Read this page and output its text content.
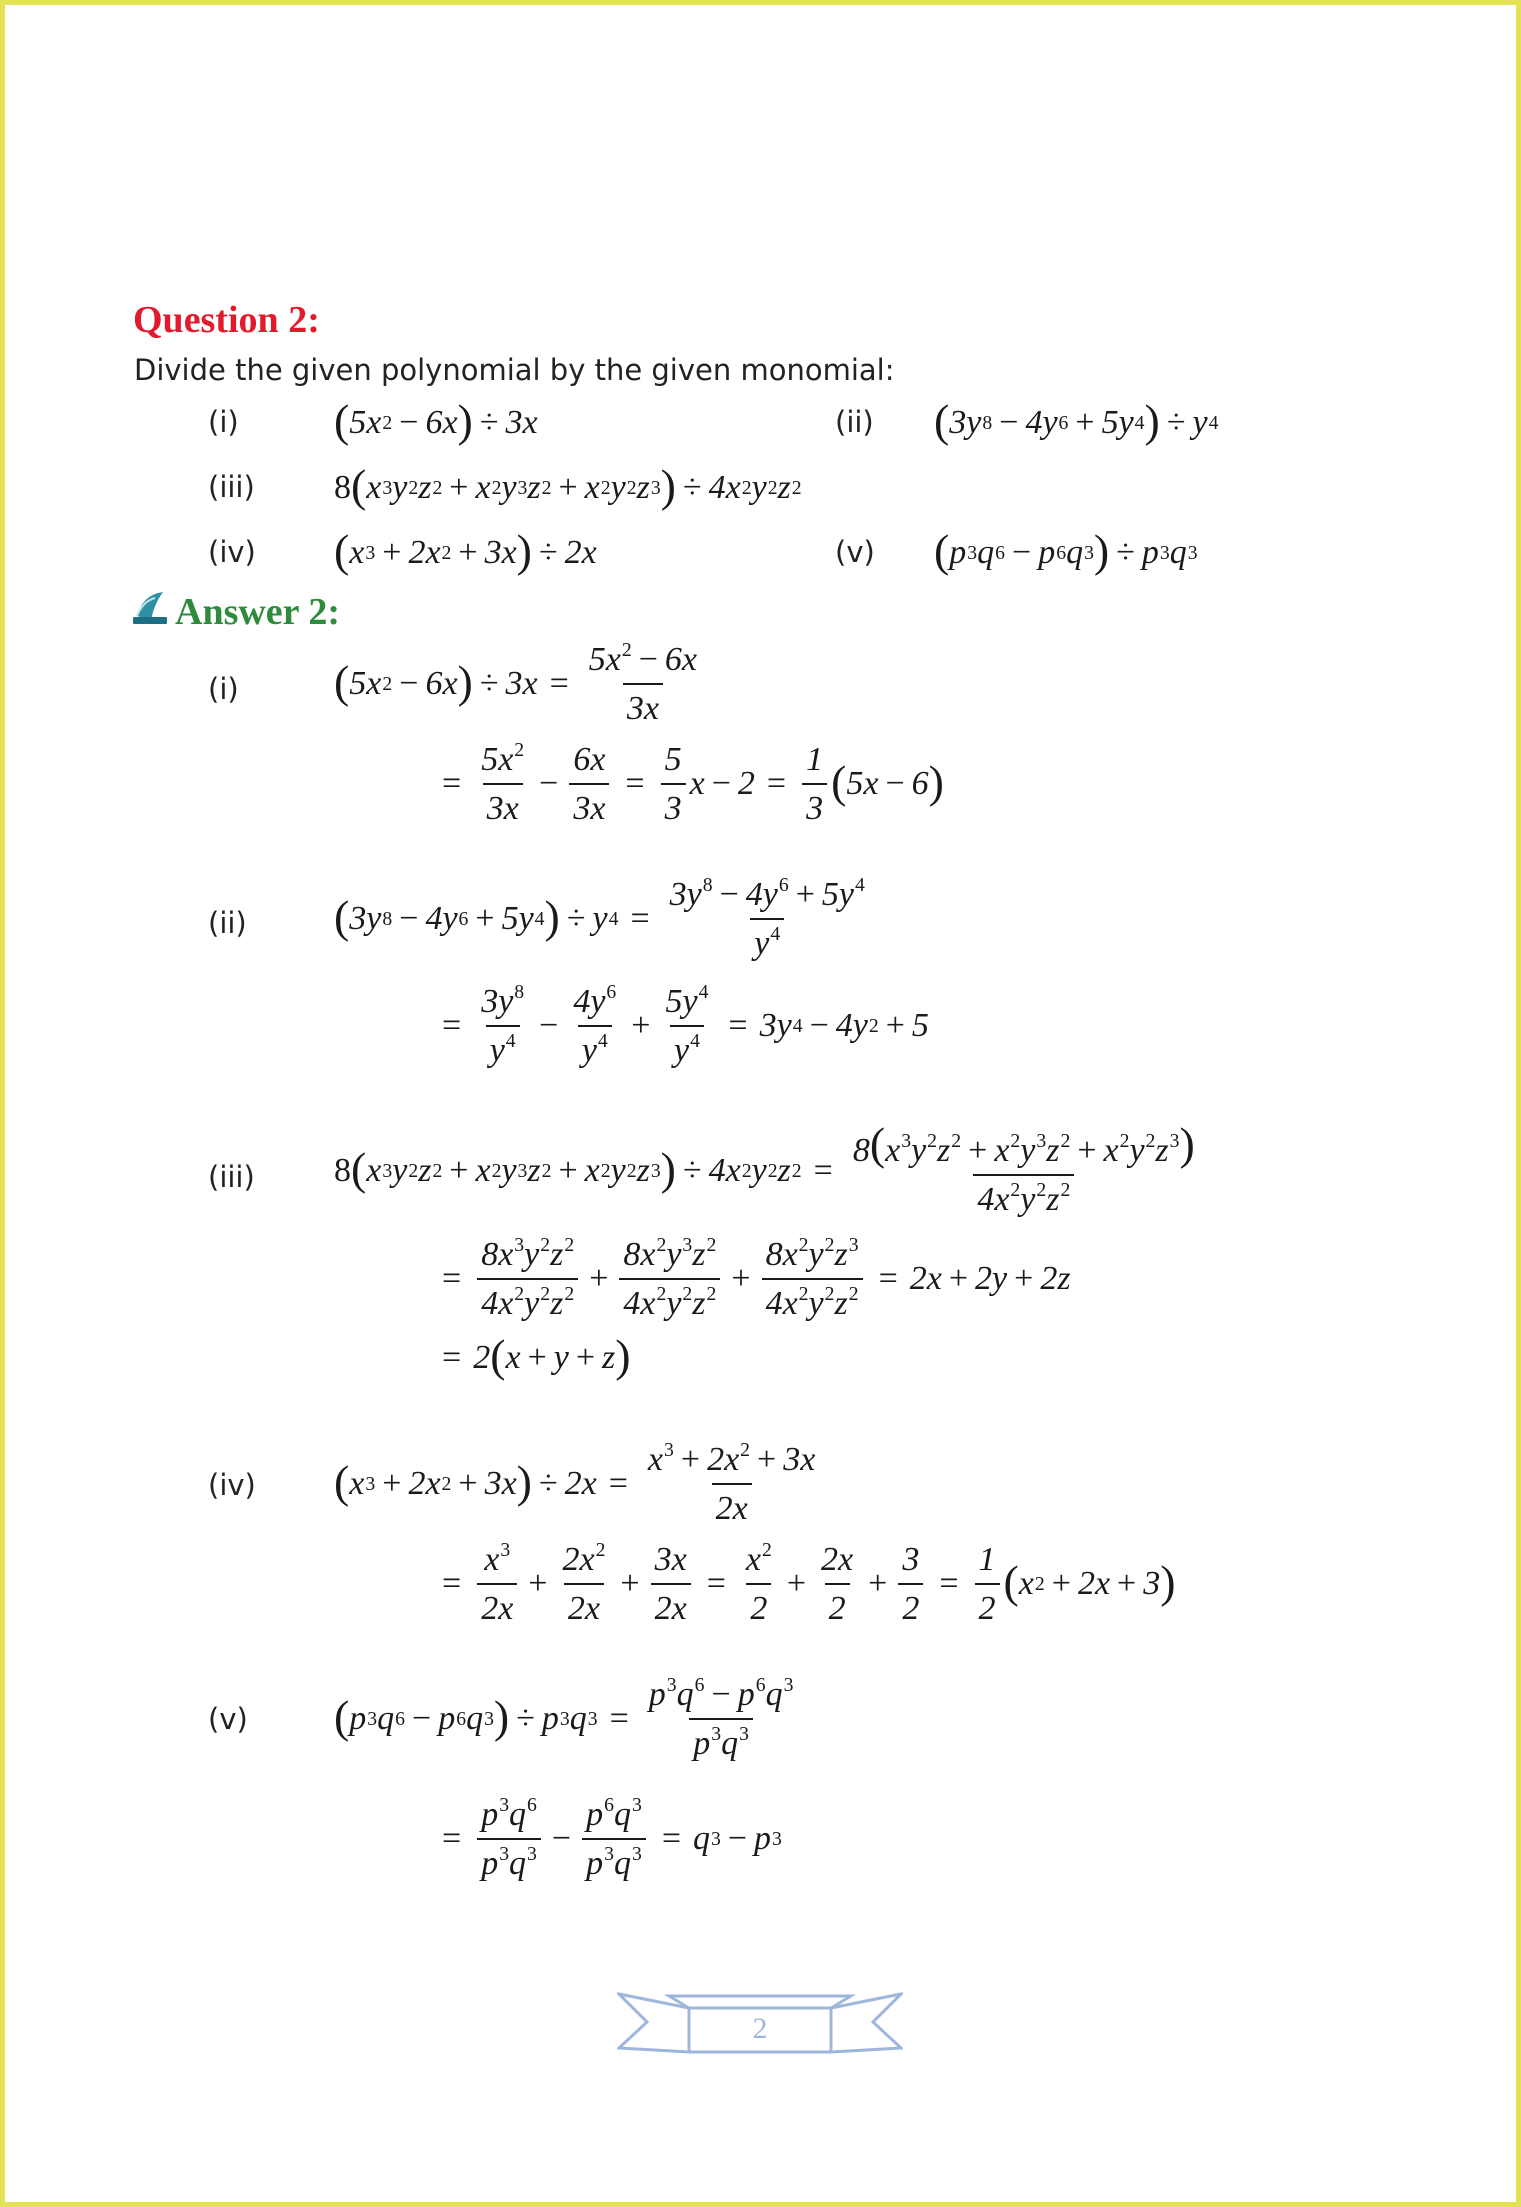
Question 2:
Divide the given polynomial by the given monomial:
(i) ( 5 x 2 − 6 x ) ÷ 3 x	(ii) ( 3 y 8 − 4 y 6 + 5 y 4 ) ÷ y 4
(iii) 8 ( x 3 y 2 z 2 + x 2 y 3 z 2 + x 2 y 2 z 3 ) ÷ 4 x 2 y 2 z 2
(iv) ( x 3 + 2 x 2 + 3 x ) ÷ 2 x	(v) ( p 3 q 6 − p 6 q 3 ) ÷ p 3 q 3
Answer 2:
(i) ( 5 x 2 − 6 x ) ÷ 3 $x = \frac{5x^2 - 6x}{3x}$
= $\frac{5x^2}{3x} - \frac{6x}{3x} = \frac{5}{3}$ $x - 2 = \frac{1}{3}$ ( 5 x − 6 )
(ii) ( 3 y 8 − 4 y 6 + 5 y 4 ) ÷ y $4 = \frac{3y^8 - 4y^6 + 5y^4}{y^4}$
= $\frac{3y^8}{y^4} - \frac{4y^6}{y^4} + \frac{5y^4}{y^4} = 3$ y 4 − 4 y 2 + 5
(iii) 8 ( x 3 y 2 z 2 + x 2 y 3 z 2 + x 2 y 2 z 3 ) ÷ 4 x 2 y 2 z $2 = \frac{8(x^3y^2z^2 + x^2y^3z^2 + x^2y^2z^3)}{4x^2y^2z^2}$
= $\frac{8x^3y^2z^2}{4x^2y^2z^2} + \frac{8x^2y^3z^2}{4x^2y^2z^2} + \frac{8x^2y^2z^3}{4x^2y^2z^2} = 2$ x + 2 y + 2 z
= 2 ( x + y + z )
(iv) ( x 3 + 2 x 2 + 3 x ) ÷ 2 $x = \frac{x^3 + 2x^2 + 3x}{2x}$
= $\frac{x^3}{2x} + \frac{2x^2}{2x} + \frac{3x}{2x} = \frac{x^2}{2} + \frac{2x}{2} + \frac{3}{2} = \frac{1}{2}$ ( x 2 + 2 x + 3 )
(v) ( p 3 q 6 − p 6 q 3 ) ÷ p 3 q $3 = \frac{p^3q^6 - p^6q^3}{p^3q^3}$
= $\frac{p^3q^6}{p^3q^3} - \frac{p^6q^3}{p^3q^3} = q$ 3 − p 3
2
